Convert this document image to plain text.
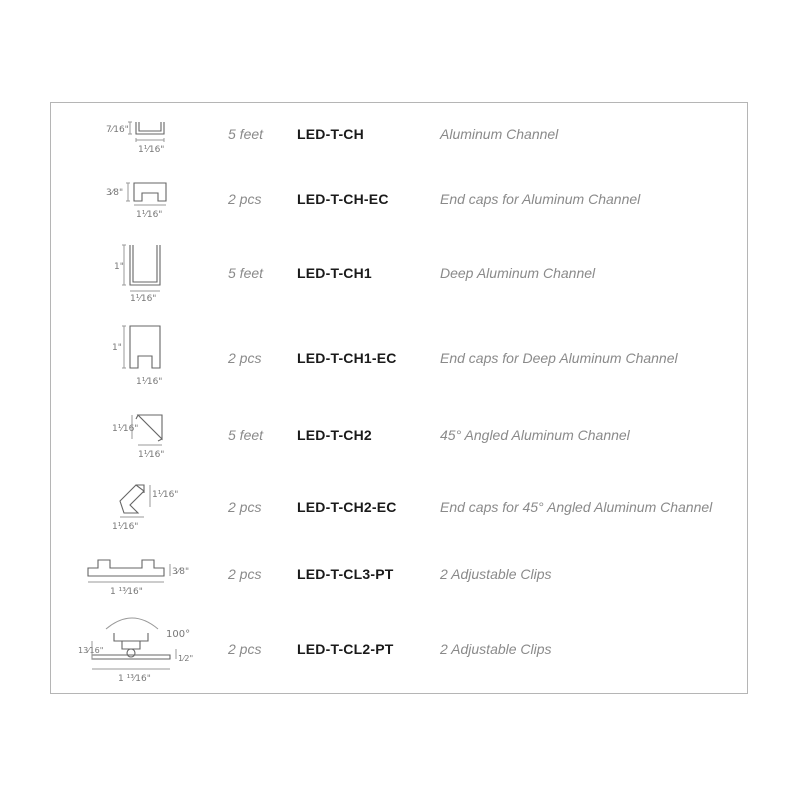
7⁄16"
1¹⁄16"
5 feet LED-T-CH	Aluminum Channel
3⁄8"
1¹⁄16"
2 pcs	LED-T-CH-EC	End caps for Aluminum Channel
1"
1¹⁄16"
5 feet LED-T-CH1	Deep Aluminum Channel
1"
1¹⁄16"
2 pcs	LED-T-CH1-EC	End caps for Deep Aluminum Channel
1¹⁄16"
1¹⁄16"
5 feet LED-T-CH2	45° Angled Aluminum Channel
1¹⁄16"
1¹⁄16"
2 pcs	LED-T-CH2-EC	End caps for 45° Angled Aluminum Channel
3⁄8"
1 ¹³⁄16"
2 pcs	LED-T-CL3-PT	2 Adjustable Clips
13⁄16"
100°
1⁄2"
1 ¹³⁄16"
2 pcs	LED-T-CL2-PT	2 Adjustable Clips
